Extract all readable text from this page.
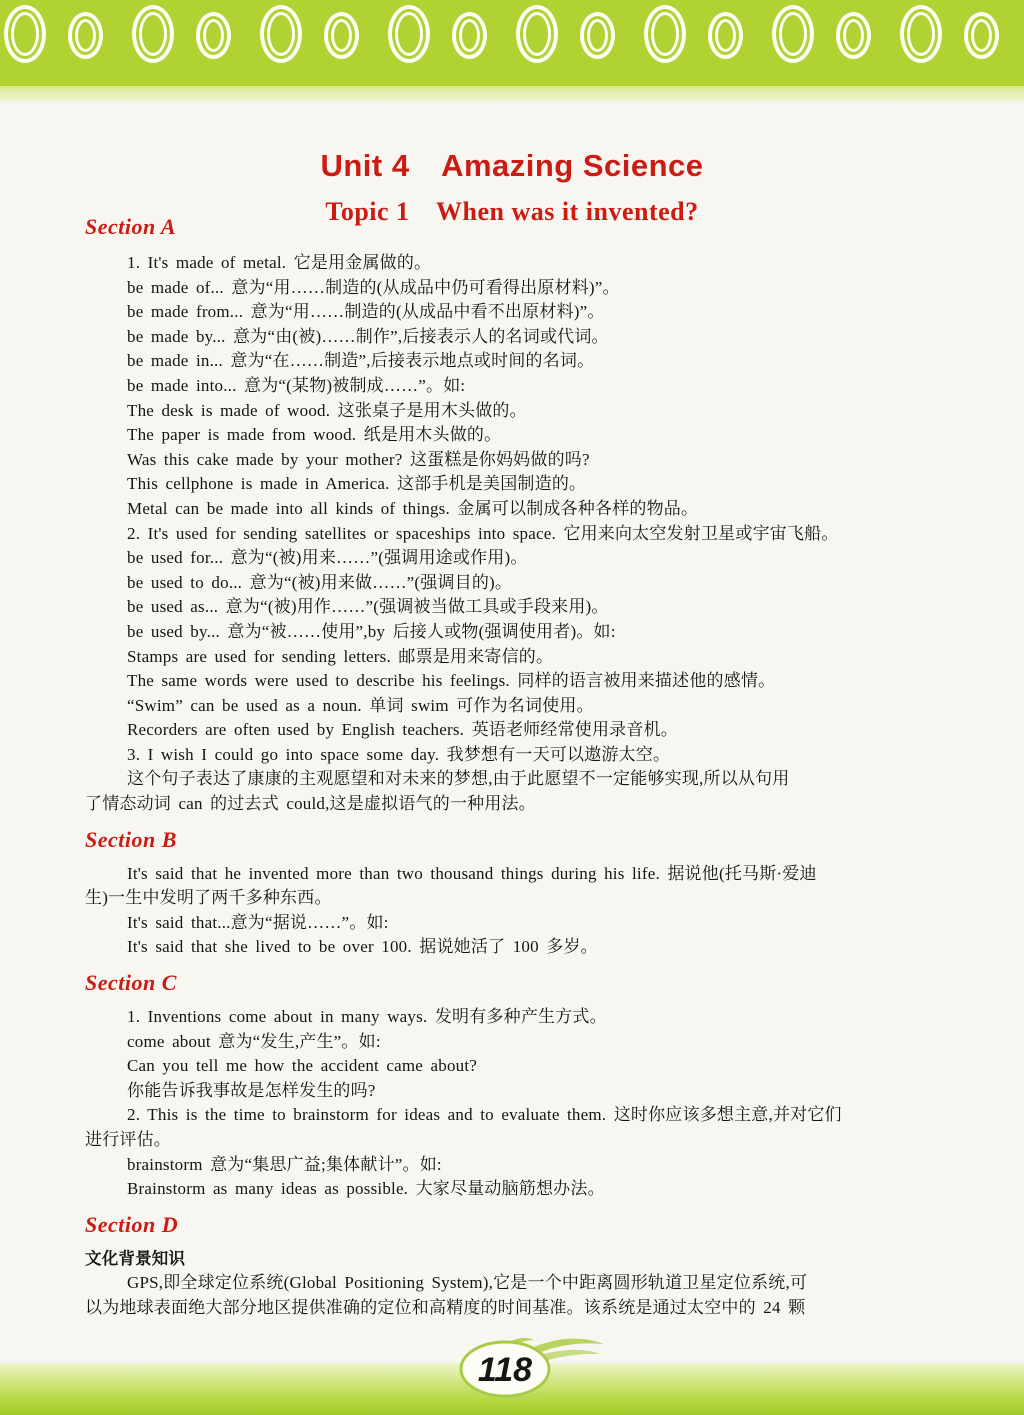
Unit 4　Amazing Science
Topic 1　When was it invented?
Section A
1. It's made of metal. 它是用金属做的。
be made of... 意为“用……制造的(从成品中仍可看得出原材料)”。
be made from... 意为“用……制造的(从成品中看不出原材料)”。
be made by... 意为“由(被)……制作”,后接表示人的名词或代词。
be made in... 意为“在……制造”,后接表示地点或时间的名词。
be made into... 意为“(某物)被制成……”。如:
The desk is made of wood. 这张桌子是用木头做的。
The paper is made from wood. 纸是用木头做的。
Was this cake made by your mother? 这蛋糕是你妈妈做的吗?
This cellphone is made in America. 这部手机是美国制造的。
Metal can be made into all kinds of things. 金属可以制成各种各样的物品。
2. It's used for sending satellites or spaceships into space. 它用来向太空发射卫星或宇宙飞船。
be used for... 意为“(被)用来……”(强调用途或作用)。
be used to do... 意为“(被)用来做……”(强调目的)。
be used as... 意为“(被)用作……”(强调被当做工具或手段来用)。
be used by... 意为“被……使用”,by 后接人或物(强调使用者)。如:
Stamps are used for sending letters. 邮票是用来寄信的。
The same words were used to describe his feelings. 同样的语言被用来描述他的感情。
“Swim” can be used as a noun. 单词 swim 可作为名词使用。
Recorders are often used by English teachers. 英语老师经常使用录音机。
3. I wish I could go into space some day. 我梦想有一天可以遨游太空。
这个句子表达了康康的主观愿望和对未来的梦想,由于此愿望不一定能够实现,所以从句用
了情态动词 can 的过去式 could,这是虚拟语气的一种用法。
Section B
It's said that he invented more than two thousand things during his life. 据说他(托马斯·爱迪
生)一生中发明了两千多种东西。
It's said that...意为“据说……”。如:
It's said that she lived to be over 100. 据说她活了 100 多岁。
Section C
1. Inventions come about in many ways. 发明有多种产生方式。
come about 意为“发生,产生”。如:
Can you tell me how the accident came about?
你能告诉我事故是怎样发生的吗?
2. This is the time to brainstorm for ideas and to evaluate them. 这时你应该多想主意,并对它们
进行评估。
brainstorm 意为“集思广益;集体献计”。如:
Brainstorm as many ideas as possible. 大家尽量动脑筋想办法。
Section D
文化背景知识
GPS,即全球定位系统(Global Positioning System),它是一个中距离圆形轨道卫星定位系统,可
以为地球表面绝大部分地区提供准确的定位和高精度的时间基准。该系统是通过太空中的 24 颗
118
